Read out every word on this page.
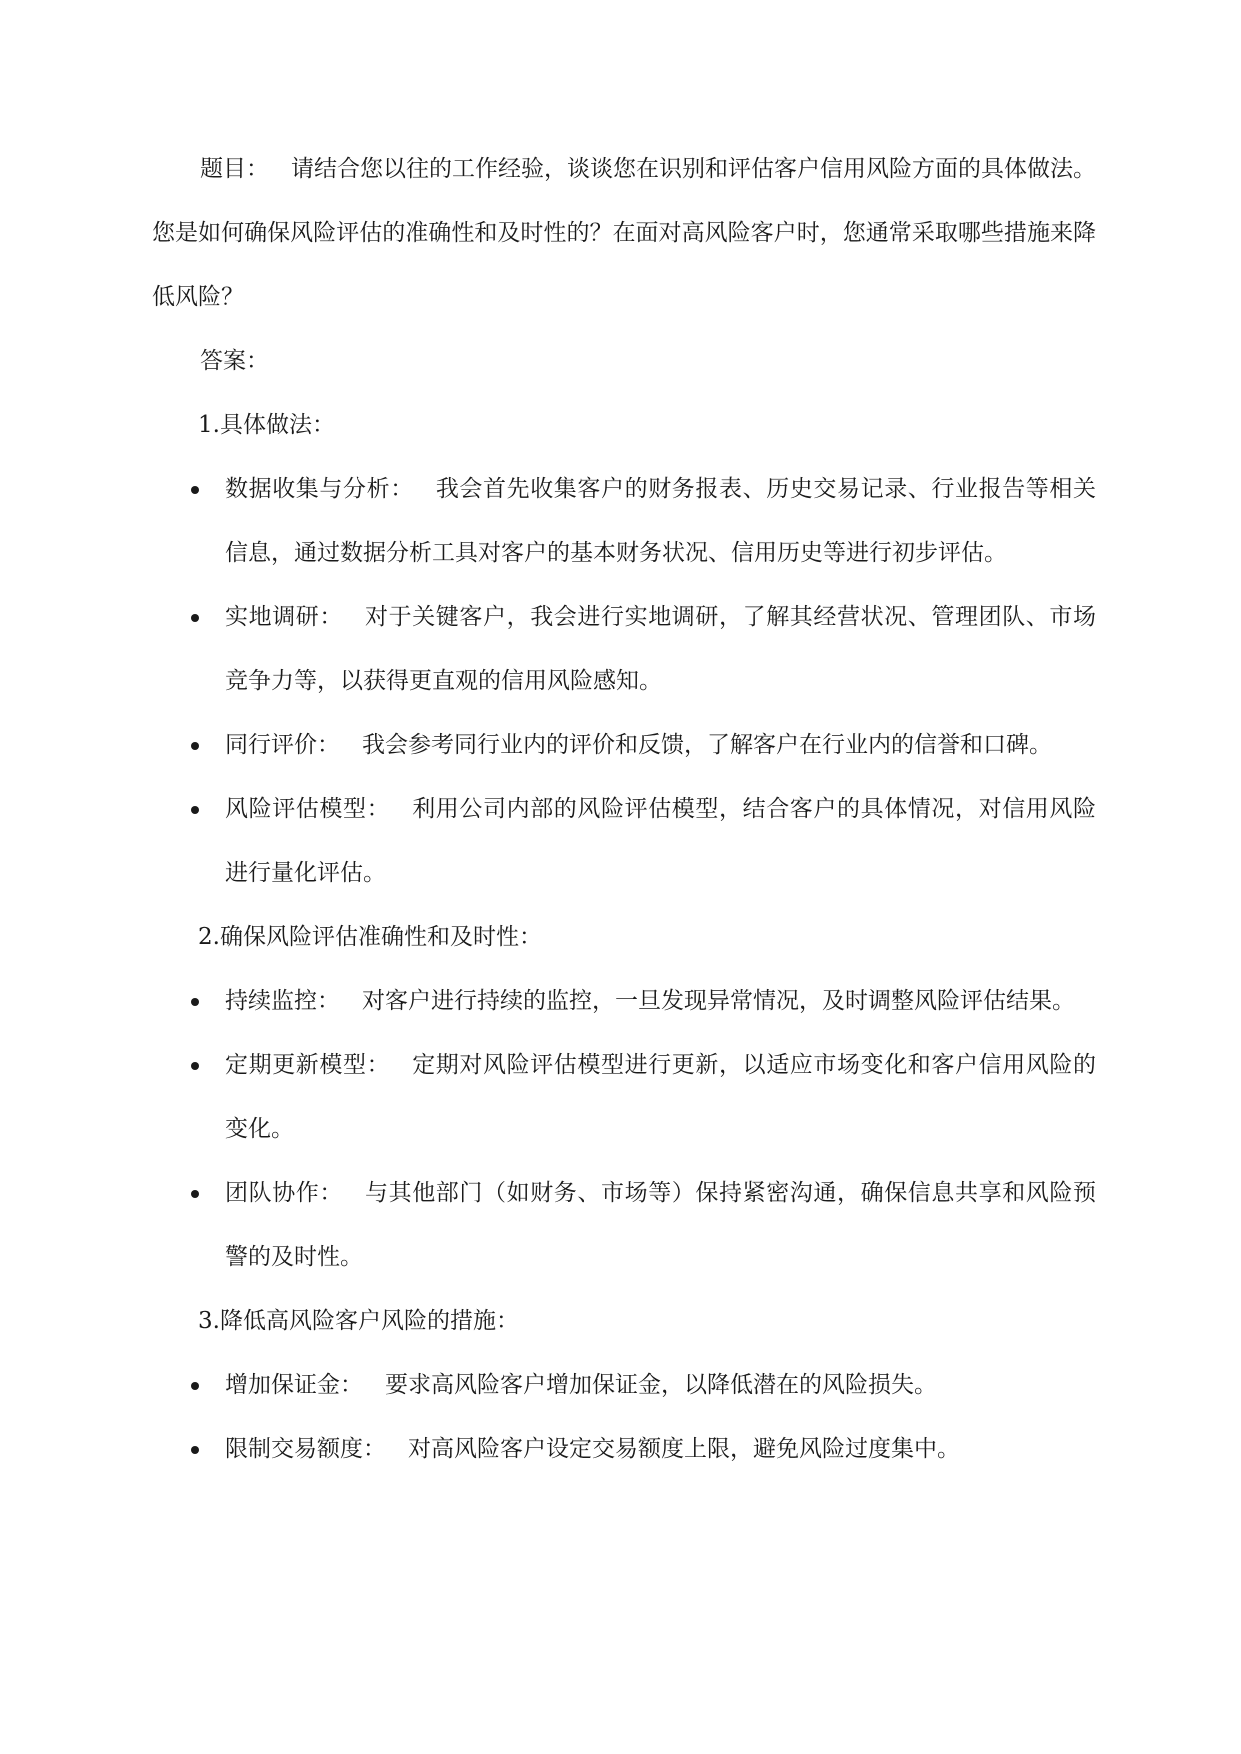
题目： 请结合您以往的工作经验，谈谈您在识别和评估客户信用风险方面的具体做法。您是如何确保风险评估的准确性和及时性的？在面对高风险客户时，您通常采取哪些措施来降低风险？

答案：

1.具体做法：

数据收集与分析： 我会首先收集客户的财务报表、历史交易记录、行业报告等相关信息，通过数据分析工具对客户的基本财务状况、信用历史等进行初步评估。
实地调研： 对于关键客户，我会进行实地调研，了解其经营状况、管理团队、市场竞争力等，以获得更直观的信用风险感知。
同行评价： 我会参考同行业内的评价和反馈，了解客户在行业内的信誉和口碑。
风险评估模型： 利用公司内部的风险评估模型，结合客户的具体情况，对信用风险进行量化评估。

2.确保风险评估准确性和及时性：

持续监控： 对客户进行持续的监控，一旦发现异常情况，及时调整风险评估结果。
定期更新模型： 定期对风险评估模型进行更新，以适应市场变化和客户信用风险的变化。
团队协作： 与其他部门（如财务、市场等）保持紧密沟通，确保信息共享和风险预警的及时性。

3.降低高风险客户风险的措施：

增加保证金： 要求高风险客户增加保证金，以降低潜在的风险损失。
限制交易额度： 对高风险客户设定交易额度上限，避免风险过度集中。
